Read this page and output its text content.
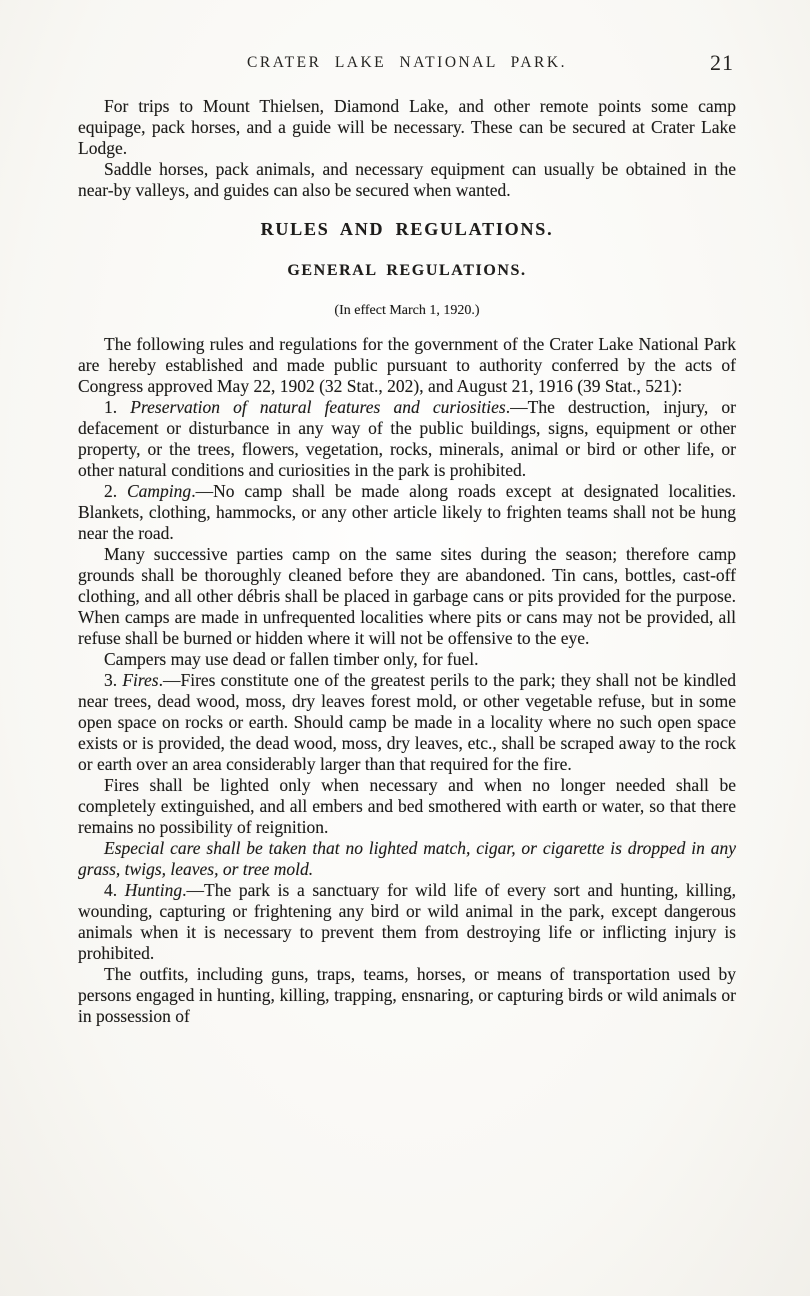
CRATER LAKE NATIONAL PARK.	21

For trips to Mount Thielsen, Diamond Lake, and other remote points some camp equipage, pack horses, and a guide will be necessary. These can be secured at Crater Lake Lodge.

Saddle horses, pack animals, and necessary equipment can usually be obtained in the near-by valleys, and guides can also be secured when wanted.

RULES AND REGULATIONS.

GENERAL REGULATIONS.

(In effect March 1, 1920.)

The following rules and regulations for the government of the Crater Lake National Park are hereby established and made public pursuant to authority conferred by the acts of Congress approved May 22, 1902 (32 Stat., 202), and August 21, 1916 (39 Stat., 521):

1. Preservation of natural features and curiosities.—The destruction, injury, or defacement or disturbance in any way of the public buildings, signs, equipment or other property, or the trees, flowers, vegetation, rocks, minerals, animal or bird or other life, or other natural conditions and curiosities in the park is prohibited.

2. Camping.—No camp shall be made along roads except at designated localities. Blankets, clothing, hammocks, or any other article likely to frighten teams shall not be hung near the road.

Many successive parties camp on the same sites during the season; therefore camp grounds shall be thoroughly cleaned before they are abandoned. Tin cans, bottles, cast-off clothing, and all other débris shall be placed in garbage cans or pits provided for the purpose. When camps are made in unfrequented localities where pits or cans may not be provided, all refuse shall be burned or hidden where it will not be offensive to the eye.

Campers may use dead or fallen timber only, for fuel.

3. Fires.—Fires constitute one of the greatest perils to the park; they shall not be kindled near trees, dead wood, moss, dry leaves forest mold, or other vegetable refuse, but in some open space on rocks or earth. Should camp be made in a locality where no such open space exists or is provided, the dead wood, moss, dry leaves, etc., shall be scraped away to the rock or earth over an area considerably larger than that required for the fire.

Fires shall be lighted only when necessary and when no longer needed shall be completely extinguished, and all embers and bed smothered with earth or water, so that there remains no possibility of reignition.

Especial care shall be taken that no lighted match, cigar, or cigarette is dropped in any grass, twigs, leaves, or tree mold.

4. Hunting.—The park is a sanctuary for wild life of every sort and hunting, killing, wounding, capturing or frightening any bird or wild animal in the park, except dangerous animals when it is necessary to prevent them from destroying life or inflicting injury is prohibited.

The outfits, including guns, traps, teams, horses, or means of transportation used by persons engaged in hunting, killing, trapping, ensnaring, or capturing birds or wild animals or in possession of
